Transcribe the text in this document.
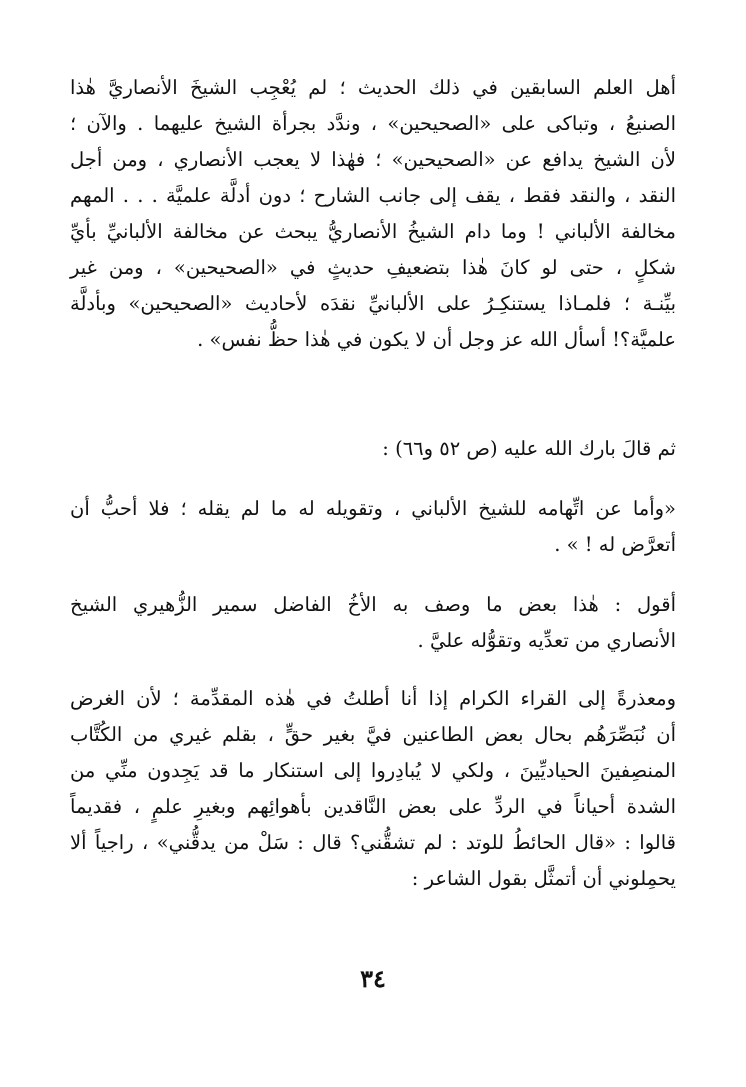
أهل العلم السابقين في ذلك الحديث ؛ لم يُعْجِب الشيخَ الأنصاريَّ هٰذا
الصنيعُ ، وتباكى على «الصحيحين» ، وندَّد بجرأة الشيخ عليهما . والآن ؛
لأن الشيخ يدافع عن «الصحيحين» ؛ فهٰذا لا يعجب الأنصاري ، ومن أجل
النقد ، والنقد فقط ، يقف إلى جانب الشارح ؛ دون أدلَّة علميَّة . . . المهم
مخالفة الألباني ! وما دام الشيخُ الأنصاريُّ يبحث عن مخالفة الألبانيِّ بأيِّ
شكلٍ ، حتى لو كانَ هٰذا بتضعيفِ حديثٍ في «الصحيحين» ، ومن غير
بيِّنـة ؛ فلمـاذا يستنكِـرُ على الألبانيِّ نقدَه لأحاديث «الصحيحين» وبأدلَّة
علميَّة؟! أسأل الله عز وجل أن لا يكون في هٰذا حظُّ نفس» .
ثم قالَ بارك الله عليه (ص ٥٢ و٦٦) :
«وأما عن اتِّهامه للشيخ الألباني ، وتقويله له ما لم يقله ؛ فلا أحبُّ أن
أتعرَّض له ! » .
أقول : هٰذا بعض ما وصف به الأخُ الفاضل سمير الزُّهيري الشيخ
الأنصاري من تعدِّيه وتقوُّله عليَّ .
ومعذرةً إلى القراء الكرام إذا أنا أطلتُ في هٰذه المقدِّمة ؛ لأن الغرض
أن نُبَصِّرَهُم بحال بعض الطاعنين فيَّ بغير حقٍّ ، بقلم غيري من الكُتَّاب
المنصِفينَ الحياديِّينَ ، ولكي لا يُبادِروا إلى استنكار ما قد يَجِدون منِّي من
الشدة أحياناً في الردِّ على بعض النَّاقدين بأهوائِهم وبغيرِ علمٍ ، فقديماً
قالوا : «قال الحائطُ للوتد : لم تشقُّني؟ قال : سَلْ من يدقُّني» ، راجياً ألا
يحمِلوني أن أتمثَّل بقول الشاعر :
٣٤
